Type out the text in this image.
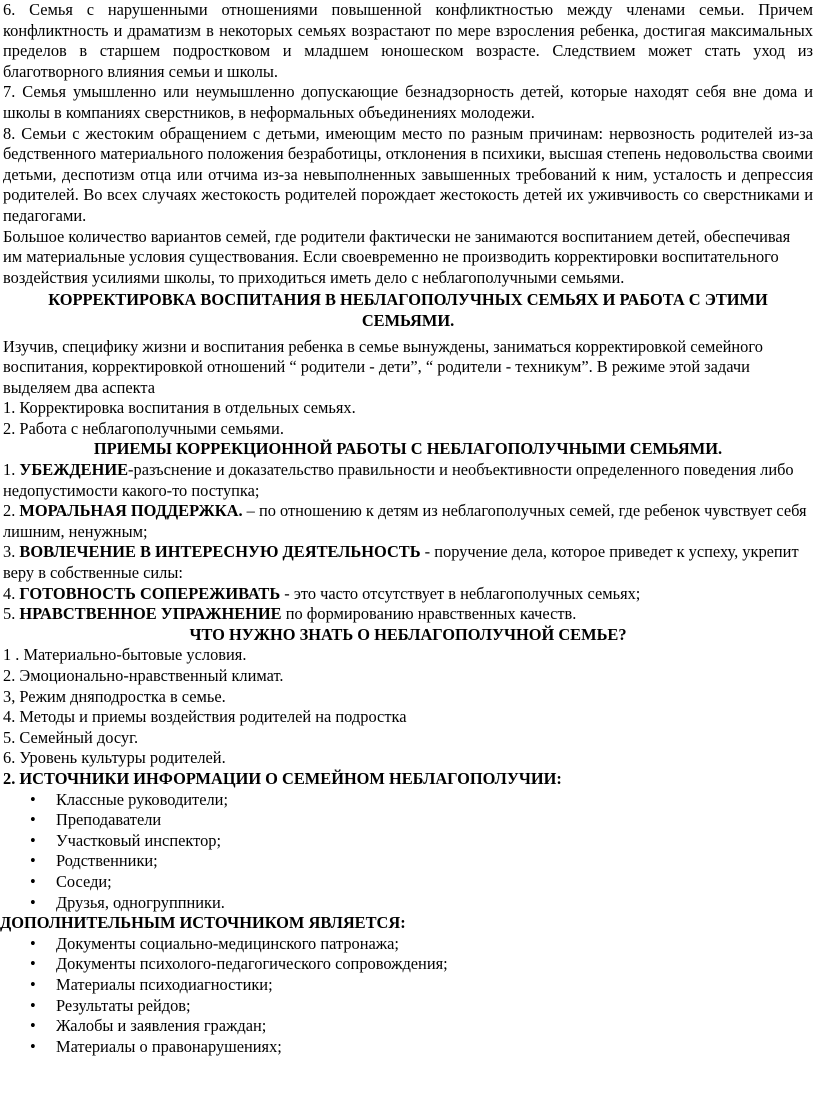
6. Семья с нарушенными отношениями повышенной конфликтностью между членами семьи. Причем конфликтность и драматизм в некоторых семьях возрастают по мере взросления ребенка, достигая максимальных пределов в старшем подростковом и младшем юношеском возрасте. Следствием может стать уход из благотворного влияния семьи и школы.

7. Семья умышленно или неумышленно допускающие безнадзорность детей, которые находят себя вне дома и школы в компаниях сверстников, в неформальных объединениях молодежи.

8. Семьи с жестоким обращением с детьми, имеющим место по разным причинам: нервозность родителей из-за бедственного материального положения безработицы, отклонения в психики, высшая степень недовольства своими детьми, деспотизм отца или отчима из-за невыполненных завышенных требований к ним, усталость и депрессия родителей. Во всех случаях жестокость родителей порождает жестокость детей их уживчивость со сверстниками и педагогами.

Большое количество вариантов семей, где родители фактически не занимаются воспитанием детей, обеспечивая им материальные условия существования. Если своевременно не производить корректировки воспитательного воздействия усилиями школы, то приходиться иметь дело с неблагополучными семьями.

КОРРЕКТИРОВКА ВОСПИТАНИЯ В НЕБЛАГОПОЛУЧНЫХ СЕМЬЯХ И РАБОТА С ЭТИМИ СЕМЬЯМИ.

Изучив, специфику жизни и воспитания ребенка в семье вынуждены, заниматься корректировкой семейного воспитания, корректировкой отношений “ родители - дети”, “ родители - техникум”. В режиме этой задачи выделяем два аспекта

1. Корректировка воспитания в отдельных семьях.

2. Работа с неблагополучными семьями.

ПРИЕМЫ КОРРЕКЦИОННОЙ РАБОТЫ С НЕБЛАГОПОЛУЧНЫМИ СЕМЬЯМИ.

1. УБЕЖДЕНИЕ-разъснение и доказательство правильности и необъективности определенного поведения либо недопустимости какого-то поступка;

2. МОРАЛЬНАЯ ПОДДЕРЖКА. – по отношению к детям из неблагополучных семей, где ребенок чувствует себя лишним, ненужным;

3. ВОВЛЕЧЕНИЕ В ИНТЕРЕСНУЮ ДЕЯТЕЛЬНОСТЬ - поручение дела, которое приведет к успеху, укрепит веру в собственные силы:

4. ГОТОВНОСТЬ СОПЕРЕЖИВАТЬ - это часто отсутствует в неблагополучных семьях;

5. НРАВСТВЕННОЕ УПРАЖНЕНИЕ по формированию нравственных качеств.

ЧТО НУЖНО ЗНАТЬ О НЕБЛАГОПОЛУЧНОЙ СЕМЬЕ?

1 . Материально-бытовые условия.

2. Эмоционально-нравственный климат.

3, Режим дняподростка в семье.

4. Методы и приемы воздействия родителей на подростка

5. Семейный досуг.

6. Уровень культуры родителей.

2. ИСТОЧНИКИ ИНФОРМАЦИИ О СЕМЕЙНОМ НЕБЛАГОПОЛУЧИИ:

• Классные руководители;
• Преподаватели
• Участковый инспектор;
• Родственники;
• Соседи;
• Друзья, одногруппники.

ДОПОЛНИТЕЛЬНЫМ ИСТОЧНИКОМ ЯВЛЯЕТСЯ:

• Документы социально-медицинского патронажа;
• Документы психолого-педагогического сопровождения;
• Материалы психодиагностики;
• Результаты рейдов;
• Жалобы и заявления граждан;
• Материалы о правонарушениях;
